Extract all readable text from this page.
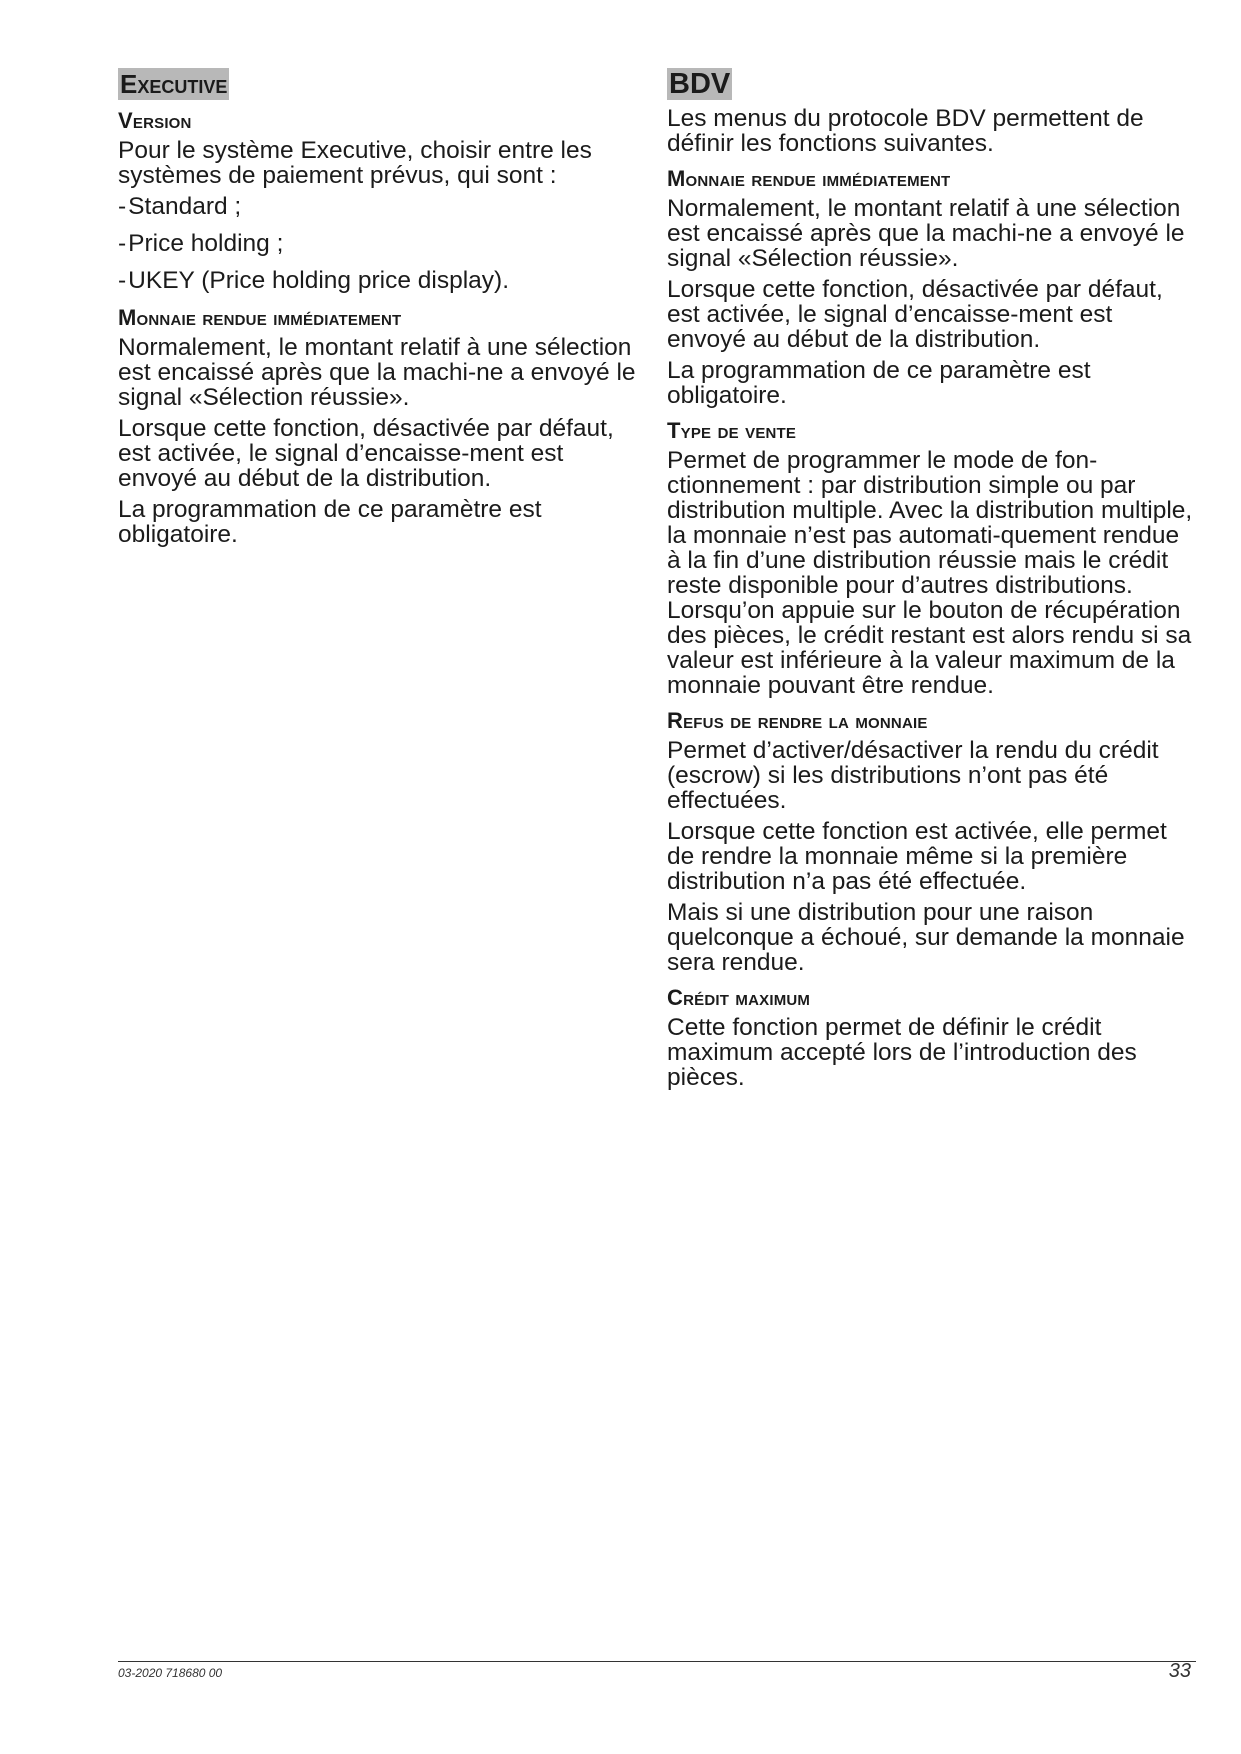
Executive
Version

Pour le système Executive, choisir entre les systèmes de paiement prévus, qui sont :

- Standard ;
- Price holding ;
- UKEY (Price holding price display).
Monnaie rendue immédiatement

Normalement, le montant relatif à une sélection est encaissé après que la machi-ne a envoyé le signal «Sélection réussie».

Lorsque cette fonction, désactivée par défaut, est activée, le signal d’encaisse-ment est envoyé au début de la distribution.

La programmation de ce paramètre est obligatoire.

BDV

Les menus du protocole BDV permettent de définir les fonctions suivantes.

Monnaie rendue immédiatement

Normalement, le montant relatif à une sélection est encaissé après que la machi-ne a envoyé le signal «Sélection réussie».

Lorsque cette fonction, désactivée par défaut, est activée, le signal d’encaisse-ment est envoyé au début de la distribution.

La programmation de ce paramètre est obligatoire.

Type de vente

Permet de programmer le mode de fon-ctionnement : par distribution simple ou par distribution multiple. Avec la distribution multiple, la monnaie n’est pas automati-quement rendue à la fin d’une distribution réussie mais le crédit reste disponible pour d’autres distributions. Lorsqu’on appuie sur le bouton de récupération des pièces, le crédit restant est alors rendu si sa valeur est inférieure à la valeur maximum de la monnaie pouvant être rendue.

Refus de rendre la monnaie

Permet d’activer/désactiver la rendu du crédit (escrow) si les distributions n’ont pas été effectuées.

Lorsque cette fonction est activée, elle permet de rendre la monnaie même si la première distribution n’a pas été effectuée.

Mais si une distribution pour une raison quelconque a échoué, sur demande la monnaie sera rendue.

Crédit maximum

Cette fonction permet de définir le crédit maximum accepté lors de l’introduction des pièces.

03-2020 718680 00	33
